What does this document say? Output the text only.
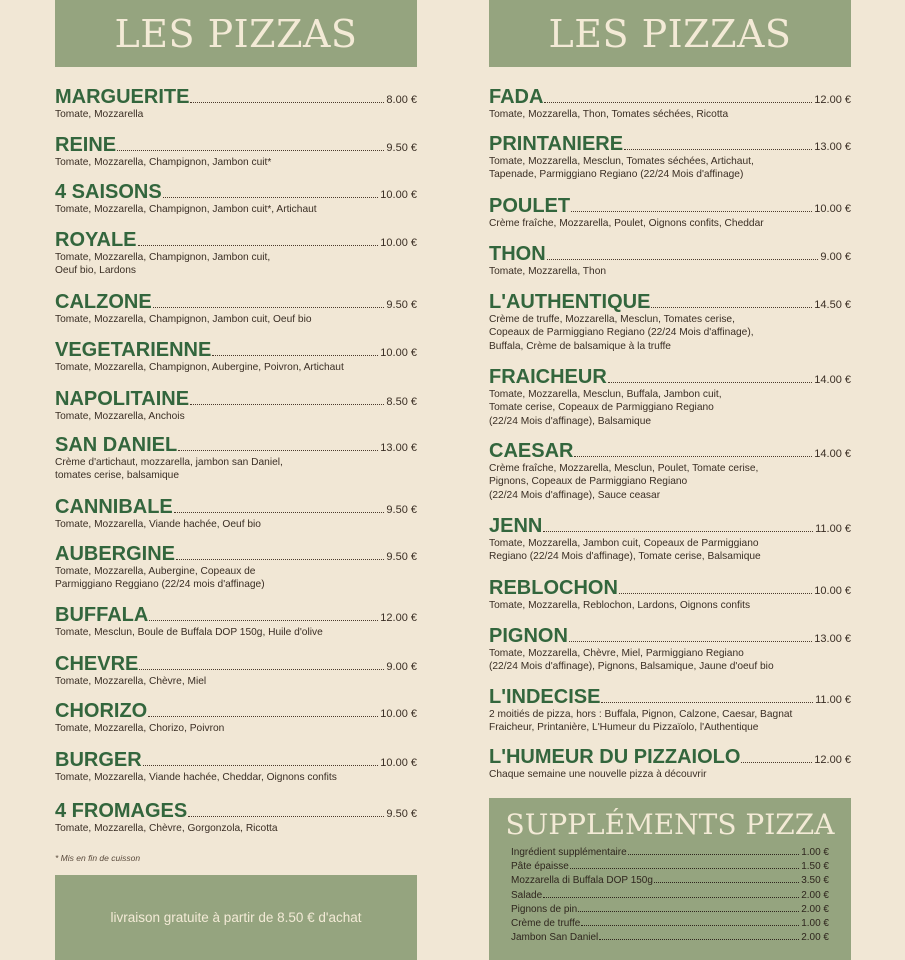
LES PIZZAS
MARGUERITE	8.00 €
Tomate, Mozzarella
REINE	9.50 €
Tomate, Mozzarella, Champignon, Jambon cuit*
4 SAISONS	10.00 €
Tomate, Mozzarella, Champignon, Jambon cuit*, Artichaut
ROYALE	10.00 €
Tomate, Mozzarella, Champignon, Jambon cuit,
Oeuf bio, Lardons
CALZONE	9.50 €
Tomate, Mozzarella, Champignon, Jambon cuit, Oeuf bio
VEGETARIENNE	10.00 €
Tomate, Mozzarella, Champignon, Aubergine, Poivron, Artichaut
NAPOLITAINE	8.50 €
Tomate, Mozzarella, Anchois
SAN DANIEL	13.00 €
Crème d'artichaut, mozzarella, jambon san Daniel,
tomates cerise, balsamique
CANNIBALE	9.50 €
Tomate, Mozzarella, Viande hachée, Oeuf bio
AUBERGINE	9.50 €
Tomate, Mozzarella, Aubergine, Copeaux de
Parmiggiano Reggiano (22/24 mois d'affinage)
BUFFALA	12.00 €
Tomate, Mesclun, Boule de Buffala DOP 150g, Huile d'olive
CHEVRE	9.00 €
Tomate, Mozzarella, Chèvre, Miel
CHORIZO	10.00 €
Tomate, Mozzarella, Chorizo, Poivron
BURGER	10.00 €
Tomate, Mozzarella, Viande hachée, Cheddar, Oignons confits
4 FROMAGES	9.50 €
Tomate, Mozzarella, Chèvre, Gorgonzola, Ricotta
LES PIZZAS
FADA	12.00 €
Tomate, Mozzarella, Thon, Tomates séchées, Ricotta
PRINTANIERE	13.00 €
Tomate, Mozzarella, Mesclun, Tomates séchées, Artichaut,
Tapenade, Parmiggiano Regiano (22/24 Mois d'affinage)
POULET	10.00 €
Crème fraîche, Mozzarella, Poulet, Oignons confits, Cheddar
THON	9.00 €
Tomate, Mozzarella, Thon
L'AUTHENTIQUE	14.50 €
Crème de truffe, Mozzarella, Mesclun, Tomates cerise,
Copeaux de Parmiggiano Regiano (22/24 Mois d'affinage),
Buffala, Crème de balsamique à la truffe
FRAICHEUR	14.00 €
Tomate, Mozzarella, Mesclun, Buffala, Jambon cuit,
Tomate cerise, Copeaux de Parmiggiano Regiano
(22/24 Mois d'affinage), Balsamique
CAESAR	14.00 €
Crème fraîche, Mozzarella, Mesclun, Poulet, Tomate cerise,
Pignons, Copeaux de Parmiggiano Regiano
(22/24 Mois d'affinage), Sauce ceasar
JENN	11.00 €
Tomate, Mozzarella, Jambon cuit, Copeaux de Parmiggiano
Regiano (22/24 Mois d'affinage), Tomate cerise, Balsamique
REBLOCHON	10.00 €
Tomate, Mozzarella, Reblochon, Lardons, Oignons confits
PIGNON	13.00 €
Tomate, Mozzarella, Chèvre, Miel, Parmiggiano Regiano
(22/24 Mois d'affinage), Pignons, Balsamique, Jaune d'oeuf bio
L'INDECISE	11.00 €
2 moitiés de pizza, hors : Buffala, Pignon, Calzone, Caesar, Bagnat
Fraicheur, Printanière, L'Humeur du Pizzaïolo, l'Authentique
L'HUMEUR DU PIZZAIOLO	12.00 €
Chaque semaine une nouvelle pizza à découvrir
* Mis en fin de cuisson
livraison gratuite à partir de 8.50 € d'achat
SUPPLÉMENTS PIZZA
Ingrédient supplémentaire	1.00 €
Pâte épaisse	1.50 €
Mozzarella di Buffala DOP 150g	3.50 €
Salade	2.00 €
Pignons de pin	2.00 €
Crème de truffe	1.00 €
Jambon San Daniel	2.00 €
